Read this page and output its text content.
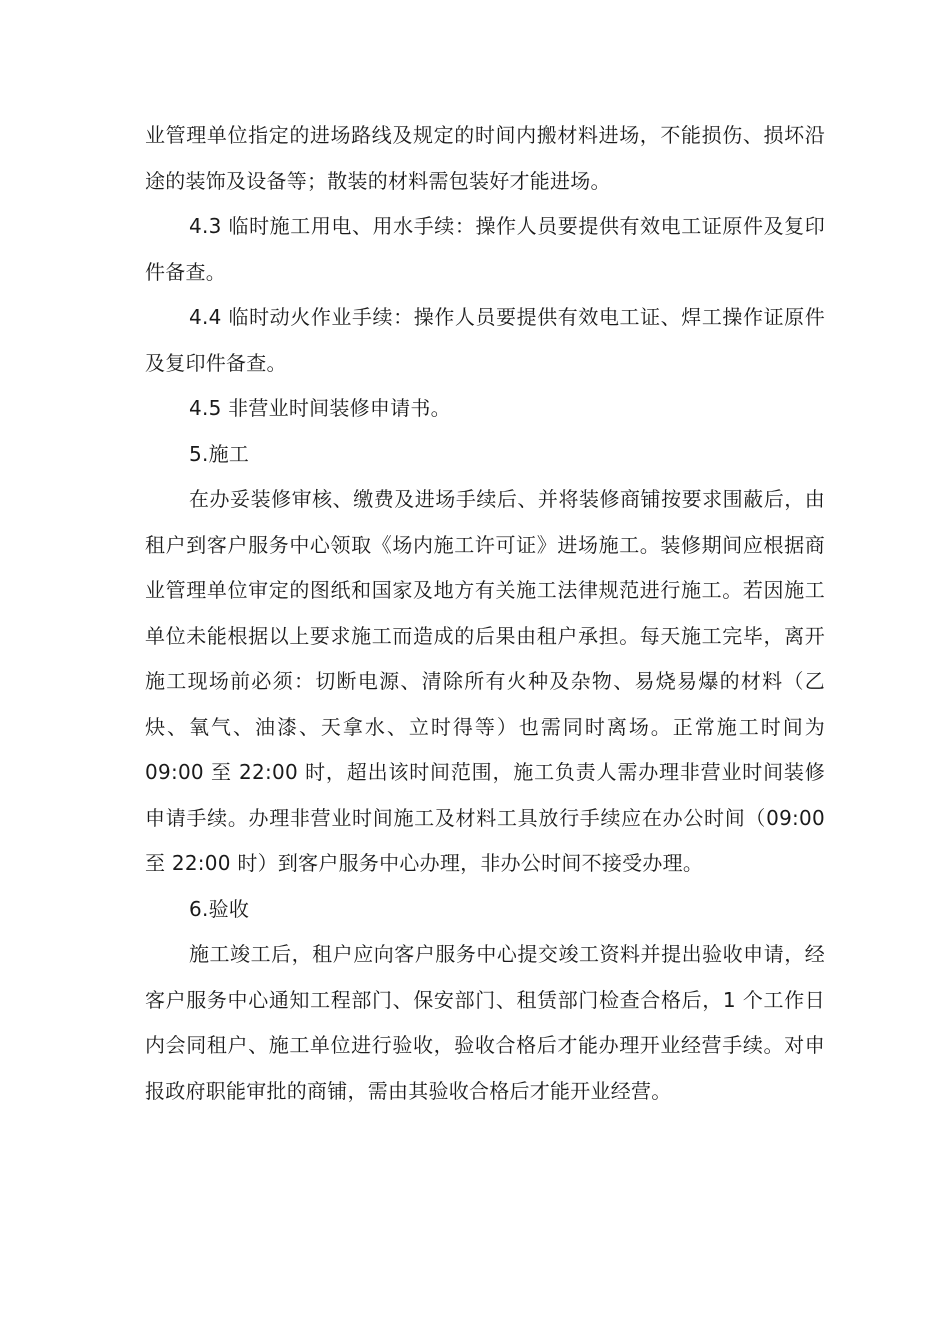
业管理单位指定的进场路线及规定的时间内搬材料进场，不能损伤、损坏沿途的装饰及设备等；散装的材料需包装好才能进场。

4.3 临时施工用电、用水手续：操作人员要提供有效电工证原件及复印件备查。

4.4 临时动火作业手续：操作人员要提供有效电工证、焊工操作证原件及复印件备查。

4.5 非营业时间装修申请书。

5.施工

在办妥装修审核、缴费及进场手续后、并将装修商铺按要求围蔽后，由租户到客户服务中心领取《场内施工许可证》进场施工。装修期间应根据商业管理单位审定的图纸和国家及地方有关施工法律规范进行施工。若因施工单位未能根据以上要求施工而造成的后果由租户承担。每天施工完毕，离开施工现场前必须：切断电源、清除所有火种及杂物、易烧易爆的材料（乙炔、氧气、油漆、天拿水、立时得等）也需同时离场。正常施工时间为 09:00 至 22:00 时，超出该时间范围，施工负责人需办理非营业时间装修申请手续。办理非营业时间施工及材料工具放行手续应在办公时间（09:00 至 22:00 时）到客户服务中心办理，非办公时间不接受办理。

6.验收

施工竣工后，租户应向客户服务中心提交竣工资料并提出验收申请，经客户服务中心通知工程部门、保安部门、租赁部门检查合格后，1 个工作日内会同租户、施工单位进行验收，验收合格后才能办理开业经营手续。对申报政府职能审批的商铺，需由其验收合格后才能开业经营。
